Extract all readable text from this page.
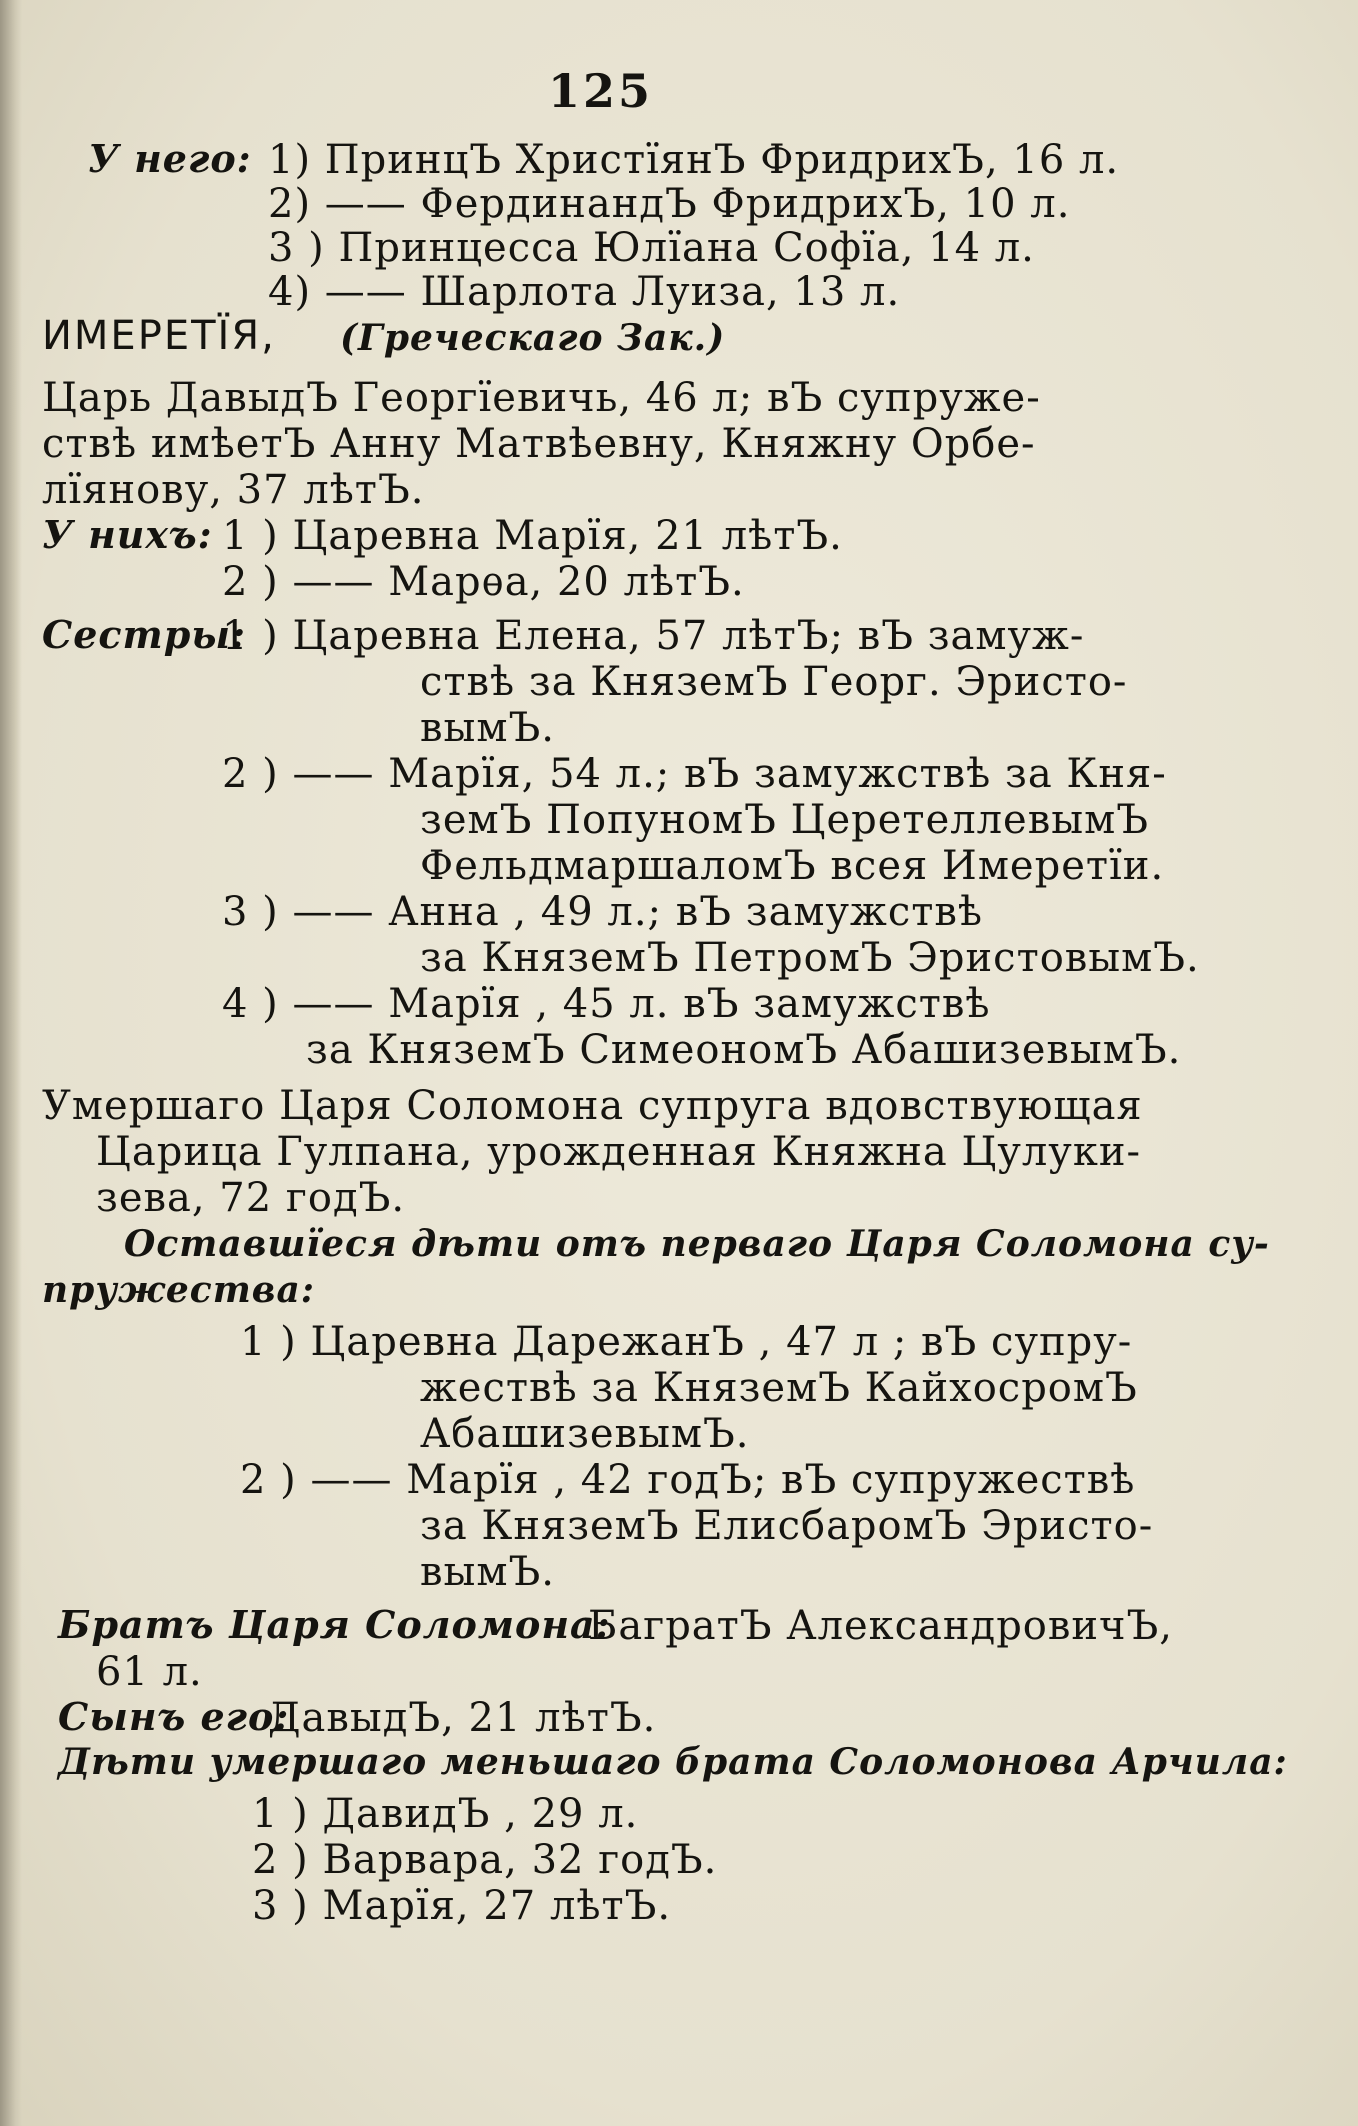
125
У него: 1) ПринцЪ ХристїянЪ ФридрихЪ, 16 л.
2) —— ФердинандЪ ФридрихЪ, 10 л.
3 ) Принцесса Юлїана Софїа, 14 л.
4) —— Шарлота Луиза, 13 л.
ИМЕРЕТЇЯ, (Греческаго Зак.)
Царь ДавыдЪ Георгїевичь, 46 л; вЪ супруже-
ствѣ имѣетЪ Анну Матвѣевну, Княжну Орбе-
лїянову, 37 лѣтЪ.
У нихъ: 1 ) Царевна Марїя, 21 лѣтЪ.
2 ) —— Марѳа, 20 лѣтЪ.
Сестры:
1 ) Царевна Елена, 57 лѣтЪ; вЪ замуж-
ствѣ за КняземЪ Георг. Эристо-
вымЪ.
2 ) —— Марїя, 54 л.; вЪ замужствѣ за Кня-
земЪ ПопуномЪ ЦерeтеллевымЪ
ФельдмаршаломЪ всея Имеретїи.
3 ) —— Анна , 49 л.; вЪ замужствѣ
за КняземЪ ПетромЪ ЭристовымЪ.
4 ) —— Марїя , 45 л. вЪ замужствѣ
за КняземЪ СимеономЪ АбашизевымЪ.
Умершаго Царя Соломона супруга вдовствующая
Царица Гулпана, урожденная Княжна Цулуки-
зева, 72 годЪ.
Оставшїеся дѣти отъ перваго Царя Соломона су-
пружества:
1 ) Царевна ДарежанЪ , 47 л ; вЪ супру-
жествѣ за КняземЪ КайхосромЪ
АбашизевымЪ.
2 ) —— Марїя , 42 годЪ; вЪ супружествѣ
за КняземЪ ЕлисбаромЪ Эристо-
вымЪ.
Братъ Царя Соломона:
БагратЪ АлександровичЪ,
61 л.
Сынъ его:
ДавыдЪ, 21 лѣтЪ.
Дѣти умершаго меньшаго брата Соломонова Арчила:
1 ) ДавидЪ , 29 л.
2 ) Варвара, 32 годЪ.
3 ) Марїя, 27 лѣтЪ.
